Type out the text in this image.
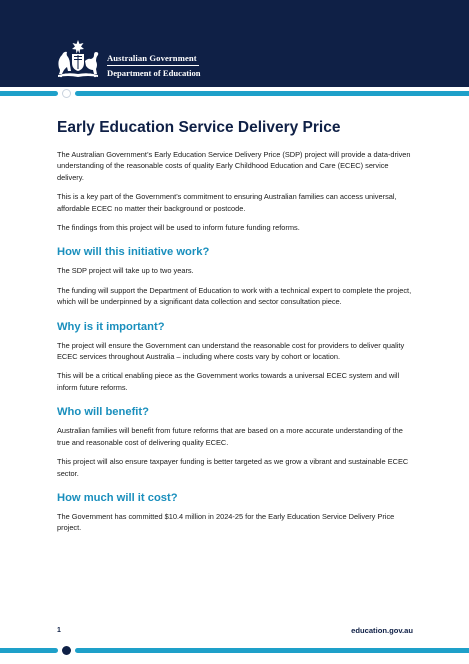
Australian Government
Department of Education
Early Education Service Delivery Price

The Australian Government’s Early Education Service Delivery Price (SDP) project will provide a data-driven understanding of the reasonable costs of quality Early Childhood Education and Care (ECEC) service delivery.

This is a key part of the Government’s commitment to ensuring Australian families can access universal, affordable ECEC no matter their background or postcode.

The findings from this project will be used to inform future funding reforms.

How will this initiative work?

The SDP project will take up to two years.

The funding will support the Department of Education to work with a technical expert to complete the project, which will be underpinned by a significant data collection and sector consultation piece.

Why is it important?

The project will ensure the Government can understand the reasonable cost for providers to deliver quality ECEC services throughout Australia – including where costs vary by cohort or location.

This will be a critical enabling piece as the Government works towards a universal ECEC system and will inform future reforms.

Who will benefit?

Australian families will benefit from future reforms that are based on a more accurate understanding of the true and reasonable cost of delivering quality ECEC.

This project will also ensure taxpayer funding is better targeted as we grow a vibrant and sustainable ECEC sector.

How much will it cost?

The Government has committed $10.4 million in 2024-25 for the Early Education Service Delivery Price project.

1	education.gov.au
